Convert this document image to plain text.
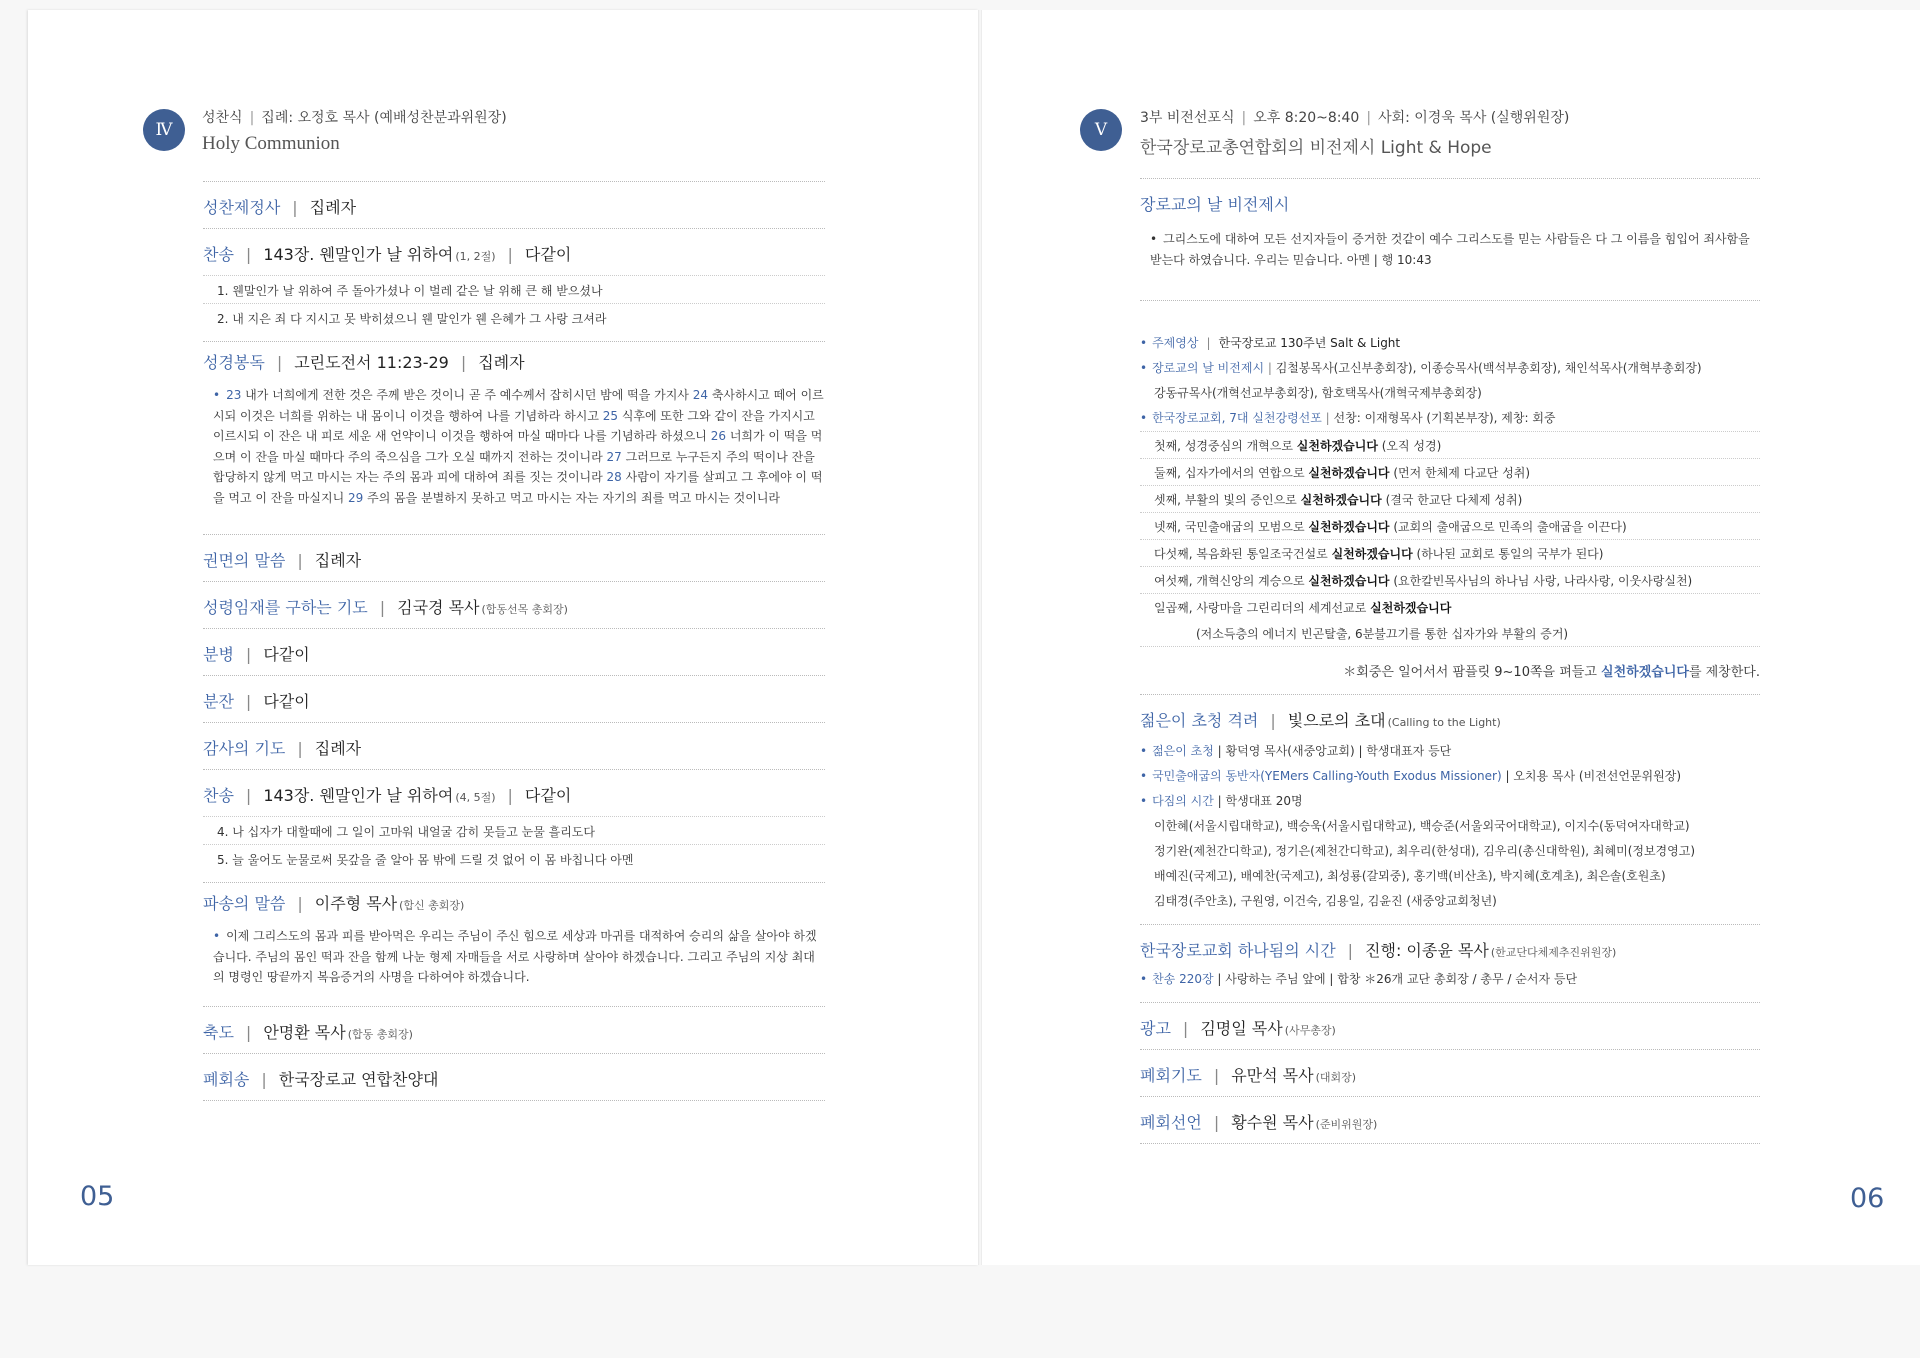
Ⅳ
성찬식 | 집례: 오정호 목사 (예배성찬분과위원장)
Holy Communion
성찬제정사 | 집례자
찬송 | 143장. 웬말인가 날 위하여 (1, 2절) | 다같이
1. 웬말인가 날 위하여 주 돌아가셨나 이 벌레 같은 날 위해 큰 해 받으셨나
2. 내 지은 죄 다 지시고 못 박히셨으니 웬 말인가 웬 은혜가 그 사랑 크셔라
성경봉독 | 고린도전서 11:23-29 | 집례자
• 23 내가 너희에게 전한 것은 주께 받은 것이니 곧 주 예수께서 잡히시던 밤에 떡을 가지사 24 축사하시고 떼어 이르시되 이것은 너희를 위하는 내 몸이니 이것을 행하여 나를 기념하라 하시고 25 식후에 또한 그와 같이 잔을 가지시고 이르시되 이 잔은 내 피로 세운 새 언약이니 이것을 행하여 마실 때마다 나를 기념하라 하셨으니 26 너희가 이 떡을 먹으며 이 잔을 마실 때마다 주의 죽으심을 그가 오실 때까지 전하는 것이니라 27 그러므로 누구든지 주의 떡이나 잔을 합당하지 않게 먹고 마시는 자는 주의 몸과 피에 대하여 죄를 짓는 것이니라 28 사람이 자기를 살피고 그 후에야 이 떡을 먹고 이 잔을 마실지니 29 주의 몸을 분별하지 못하고 먹고 마시는 자는 자기의 죄를 먹고 마시는 것이니라
권면의 말씀 | 집례자
성령임재를 구하는 기도 | 김국경 목사 (합동선목 총회장)
분병 | 다같이
분잔 | 다같이
감사의 기도 | 집례자
찬송 | 143장. 웬말인가 날 위하여 (4, 5절) | 다같이
4. 나 십자가 대할때에 그 일이 고마워 내얼굴 감히 못들고 눈물 흘리도다
5. 늘 울어도 눈물로써 못갚을 줄 알아 몸 밖에 드릴 것 없어 이 몸 바칩니다 아멘
파송의 말씀 | 이주형 목사 (합신 총회장)
• 이제 그리스도의 몸과 피를 받아먹은 우리는 주님이 주신 힘으로 세상과 마귀를 대적하여 승리의 삶을 살아야 하겠습니다. 주님의 몸인 떡과 잔을 함께 나눈 형제 자매들을 서로 사랑하며 살아야 하겠습니다. 그리고 주님의 지상 최대의 명령인 땅끝까지 복음증거의 사명을 다하여야 하겠습니다.
축도 | 안명환 목사 (합동 총회장)
폐회송 | 한국장로교 연합찬양대
05
Ⅴ
3부 비전선포식 | 오후 8:20~8:40 | 사회: 이경욱 목사 (실행위원장)
한국장로교총연합회의 비전제시 Light & Hope
장로교의 날 비전제시
• 그리스도에 대하여 모든 선지자들이 증거한 것같이 예수 그리스도를 믿는 사람들은 다 그 이름을 힘입어 죄사함을 받는다 하였습니다. 우리는 믿습니다. 아멘 | 행 10:43
• 주제영상 | 한국장로교 130주년 Salt & Light
• 장로교의 날 비전제시 | 김철봉목사(고신부총회장), 이종승목사(백석부총회장), 채인석목사(개혁부총회장)
강동규목사(개혁선교부총회장), 함호택목사(개혁국제부총회장)
• 한국장로교회, 7대 실천강령선포 | 선창: 이재형목사 (기획본부장), 제창: 회중
첫째, 성경중심의 개혁으로 실천하겠습니다 (오직 성경)
둘째, 십자가에서의 연합으로 실천하겠습니다 (먼저 한체제 다교단 성취)
셋째, 부활의 빛의 증인으로 실천하겠습니다 (결국 한교단 다체제 성취)
넷째, 국민출애굽의 모범으로 실천하겠습니다 (교회의 출애굽으로 민족의 출애굽을 이끈다)
다섯째, 복음화된 통일조국건설로 실천하겠습니다 (하나된 교회로 통일의 국부가 된다)
여섯째, 개혁신앙의 계승으로 실천하겠습니다 (요한칼빈목사님의 하나님 사랑, 나라사랑, 이웃사랑실천)
일곱째, 사랑마을 그린리더의 세계선교로 실천하겠습니다
(저소득층의 에너지 빈곤탈출, 6분불끄기를 통한 십자가와 부활의 증거)
＊회중은 일어서서 팜플릿 9~10쪽을 펴들고 실천하겠습니다를 제창한다.
젊은이 초청 격려 | 빛으로의 초대 (Calling to the Light)
• 젊은이 초청 | 황덕영 목사(새중앙교회) | 학생대표자 등단
• 국민출애굽의 동반자(YEMers Calling-Youth Exodus Missioner) | 오치용 목사 (비전선언문위원장)
• 다짐의 시간 | 학생대표 20명
이한혜(서울시립대학교), 백승욱(서울시립대학교), 백승준(서울외국어대학교), 이지수(동덕여자대학교)
정기완(제천간디학교), 정기은(제천간디학교), 최우리(한성대), 김우리(총신대학원), 최혜미(정보경영고)
배예진(국제고), 배예찬(국제고), 최성룡(갈뫼중), 홍기백(비산초), 박지혜(호계초), 최은솔(호원초)
김태경(주안초), 구원영, 이건숙, 김용일, 김윤진 (새중앙교회청년)
한국장로교회 하나됨의 시간 | 진행: 이종윤 목사 (한교단다체제추진위원장)
• 찬송 220장 | 사랑하는 주님 앞에 | 합창 ＊26개 교단 총회장 / 총무 / 순서자 등단
광고 | 김명일 목사 (사무총장)
폐회기도 | 유만석 목사 (대회장)
폐회선언 | 황수원 목사 (준비위원장)
06
